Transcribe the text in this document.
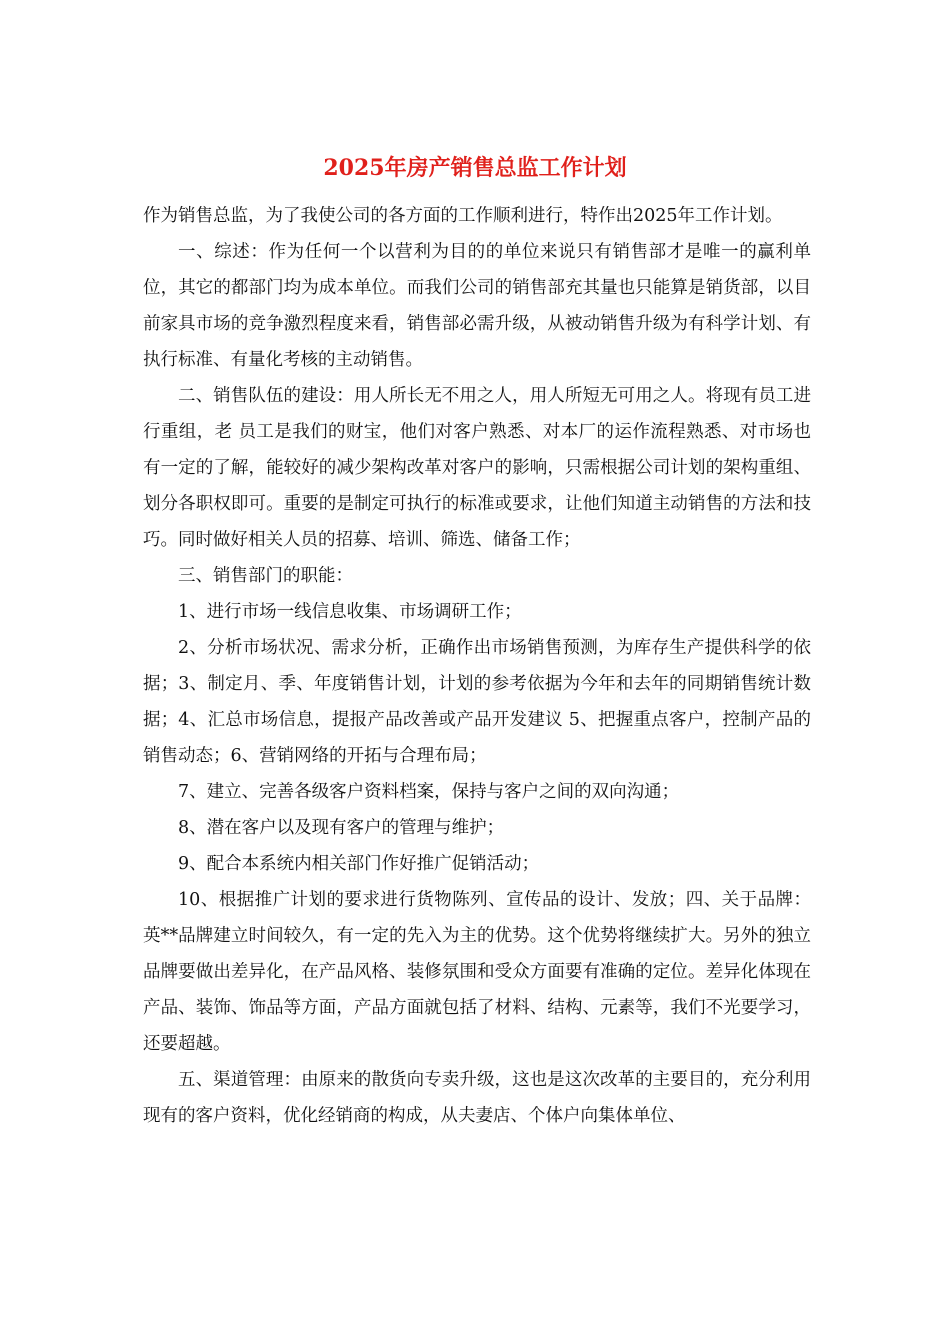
2025年房产销售总监工作计划

作为销售总监，为了我使公司的各方面的工作顺利进行，特作出2025年工作计划。

一、综述：作为任何一个以营利为目的的单位来说只有销售部才是唯一的赢利单位，其它的都部门均为成本单位。而我们公司的销售部充其量也只能算是销货部，以目前家具市场的竞争激烈程度来看，销售部必需升级，从被动销售升级为有科学计划、有执行标准、有量化考核的主动销售。

二、销售队伍的建设：用人所长无不用之人，用人所短无可用之人。将现有员工进行重组，老 员工是我们的财宝，他们对客户熟悉、对本厂的运作流程熟悉、对市场也有一定的了解，能较好的减少架构改革对客户的影响，只需根据公司计划的架构重组、划分各职权即可。重要的是制定可执行的标准或要求，让他们知道主动销售的方法和技巧。同时做好相关人员的招募、培训、筛选、储备工作；

三、销售部门的职能：

1、进行市场一线信息收集、市场调研工作；

2、分析市场状况、需求分析，正确作出市场销售预测，为库存生产提供科学的依据；3、制定月、季、年度销售计划，计划的参考依据为今年和去年的同期销售统计数据；4、汇总市场信息，提报产品改善或产品开发建议 5、把握重点客户，控制产品的销售动态；6、营销网络的开拓与合理布局；

7、建立、完善各级客户资料档案，保持与客户之间的双向沟通；

8、潜在客户以及现有客户的管理与维护；

9、配合本系统内相关部门作好推广促销活动；

10、根据推广计划的要求进行货物陈列、宣传品的设计、发放；四、关于品牌：英**品牌建立时间较久，有一定的先入为主的优势。这个优势将继续扩大。另外的独立品牌要做出差异化，在产品风格、装修氛围和受众方面要有准确的定位。差异化体现在产品、装饰、饰品等方面，产品方面就包括了材料、结构、元素等，我们不光要学习，还要超越。

五、渠道管理：由原来的散货向专卖升级，这也是这次改革的主要目的，充分利用现有的客户资料，优化经销商的构成，从夫妻店、个体户向集体单位、
